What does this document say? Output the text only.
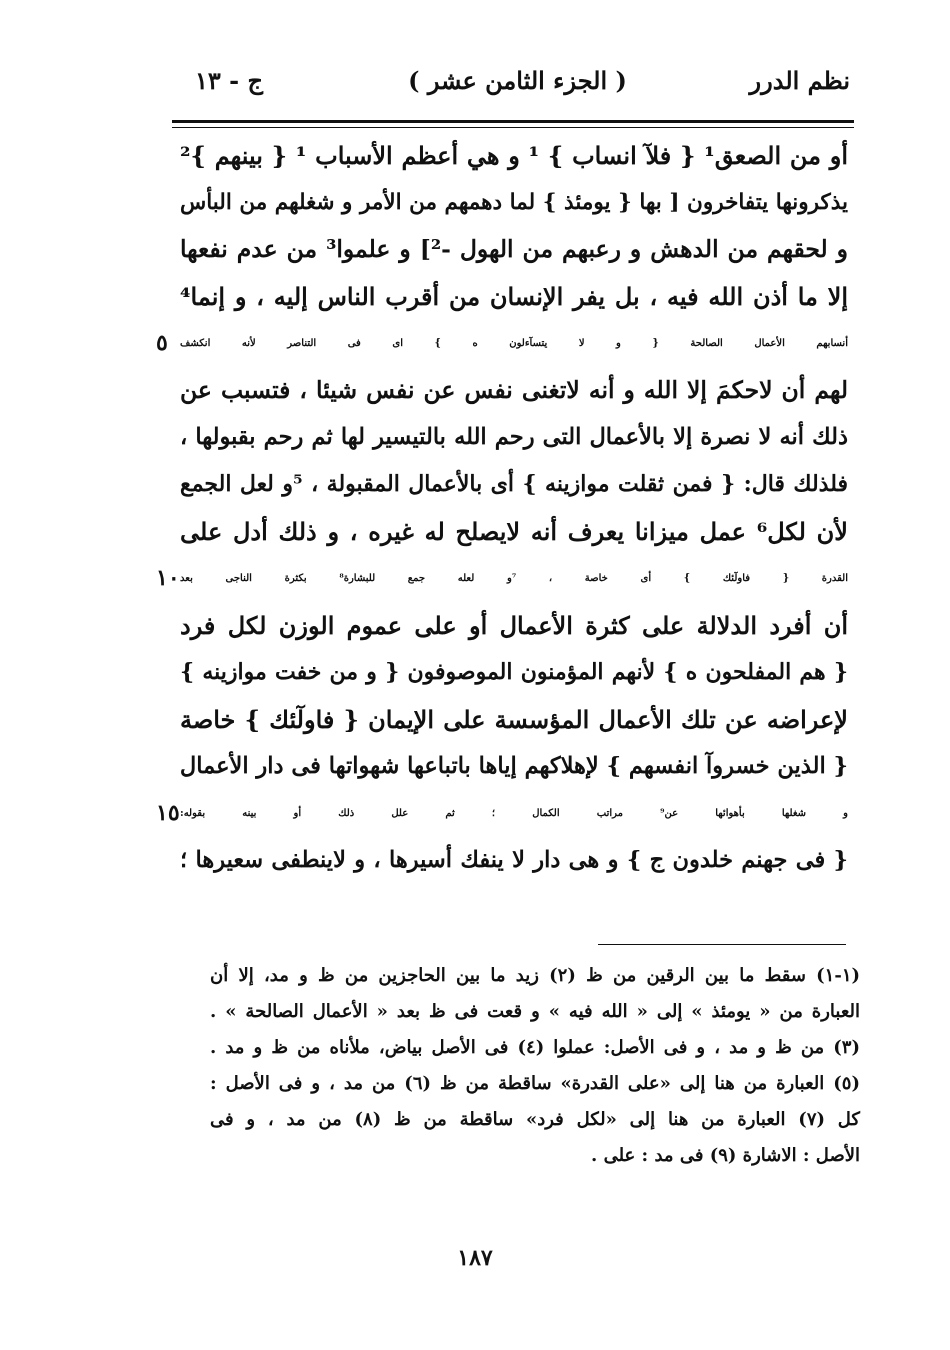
نظم الدرر
( الجزء الثامن عشر )
ج - ١٣
أو من الصعق¹ { فلآ انساب } ¹ و هي أعظم الأسباب ¹ { بينهم }²
يذكرونها يتفاخرون [ بها { يومئذ } لما دهمهم من الأمر و شغلهم من البأس
و لحقهم من الدهش و رعبهم من الهول -²] و علموا³ من عدم نفعها
إلا ما أذن الله فيه ، بل يفر الإنسان من أقرب الناس إليه ، و إنما⁴
أنسابهم الأعمال الصالحة { و لا يتسآءلون ه } اى فى التناصر لأنه انكشف
٥
لهم أن لاحكمَ إلا الله و أنه لاتغنى نفس عن نفس شيئا ، فتسبب عن
ذلك أنه لا نصرة إلا بالأعمال التى رحم الله بالتيسير لها ثم رحم بقبولها ،
فلذلك قال: { فمن ثقلت موازينه } أى بالأعمال المقبولة ، ⁵و لعل الجمع
لأن لكل⁶ عمل ميزانا يعرف أنه لايصلح له غيره ، و ذلك أدل على
القدرة { فاولٓئك } أى خاصة ، ⁷و لعله جمع للبشارة⁸ بكثرة الناجى بعد
١٠
أن أفرد الدلالة على كثرة الأعمال أو على عموم الوزن لكل فرد
{ هم المفلحون ه } لأنهم المؤمنون الموصوفون { و من خفت موازينه }
لإعراضه عن تلك الأعمال المؤسسة على الإيمان { فاولٓئك } خاصة
{ الذين خسروآ انفسهم } لإهلاكهم إياها باتباعها شهواتها فى دار الأعمال
و شغلها بأهوائها عن⁹ مراتب الكمال ؛ ثم علل ذلك أو بينه بقوله:
١٥
{ فى جهنم خلدون ج } و هى دار لا ينفك أسيرها ، و لاينطفى سعيرها ؛
(١-١) سقط ما بين الرقين من ظ (٢) زيد ما بين الحاجزين من ظ و مد، إلا أن
العبارة من « يومئذ » إلى « الله فيه » و قعت فى ظ بعد « الأعمال الصالحة » .
(٣) من ظ و مد ، و فى الأصل: عملوا (٤) فى الأصل بياض، ملأناه من ظ و مد .
(٥) العبارة من هنا إلى «على القدرة» ساقطة من ظ (٦) من مد ، و فى الأصل :
كل (٧) العبارة من هنا إلى «لكل فرد» ساقطة من ظ (٨) من مد ، و فى
الأصل : الاشارة (٩) فى مد : على .
١٨٧
